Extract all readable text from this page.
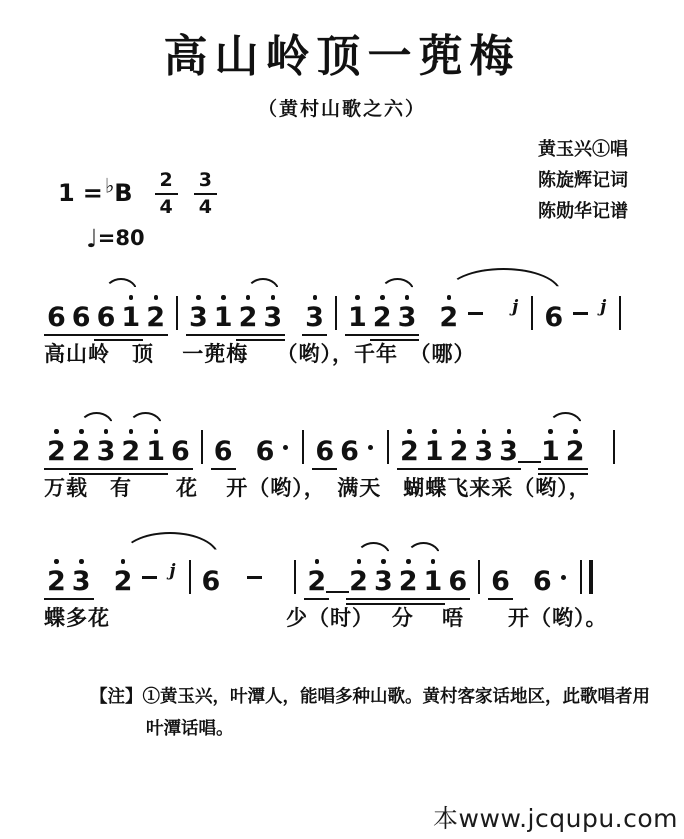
高山岭顶一蔸梅
（黄村山歌之六）
黄玉兴①唱
陈旋辉记词
陈勋华记谱
$1 = ^♭B \frac{2}{4} \frac{3}{4}$
♩=80
6 6 6 1 2 3 1 2 3 3 1 2 3 2	j 6 j
高山岭　顶　 一蔸梅　 （哟），千年　（哪）
2 2 3 2 1 6 6 6 6 6 2 1 2 3 3 1 2
万载　有　　花　 开（哟），　满天　蝴蝶飞来采（哟），
2 3 2 j 6	2 2 3 2 1 6 6 6
蝶多花　　　　　　　　少（时）　 分　 唔　　开（哟）。
【注】①黄玉兴，叶潭人，能唱多种山歌。黄村客家话地区，此歌唱者用
叶潭话唱。
本www.jcqupu.com
